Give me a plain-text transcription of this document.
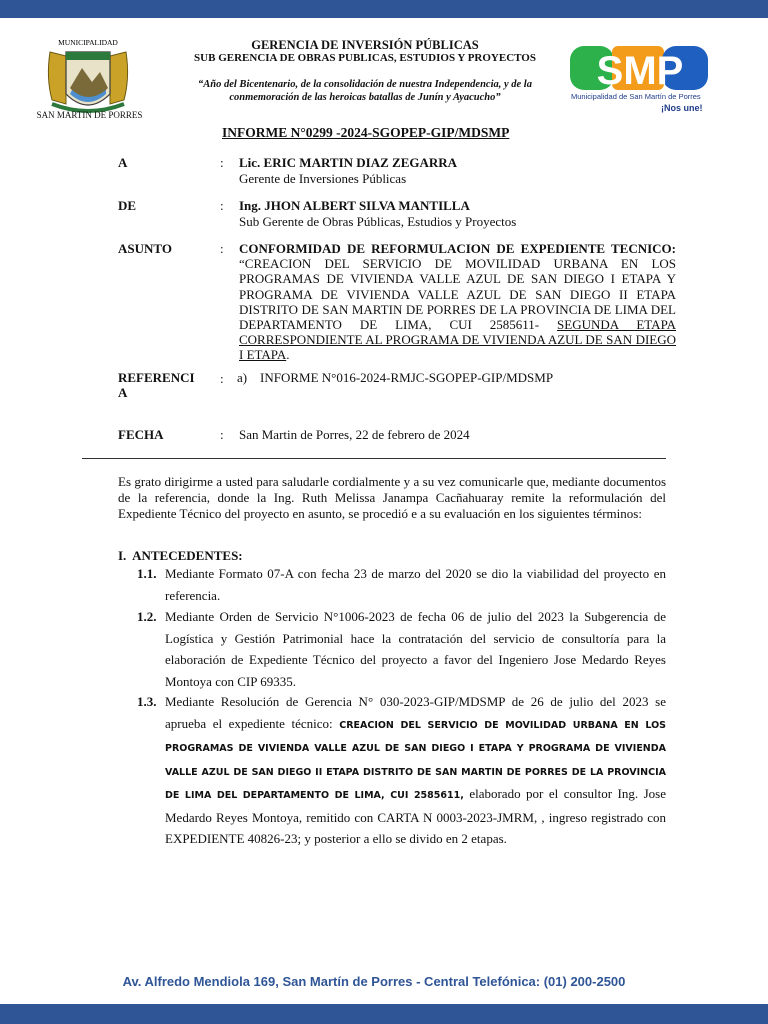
MUNICIPALIDAD
SAN MARTIN DE PORRES
GERENCIA DE INVERSIÓN PÚBLICAS
SUB GERENCIA DE OBRAS PUBLICAS, ESTUDIOS Y PROYECTOS
“Año del Bicentenario, de la consolidación de nuestra Independencia, y de la
conmemoración de las heroicas batallas de Junín y Ayacucho”
SMP
Municipalidad de San Martín de Porres
¡Nos une!
INFORME N°0299 -2024-SGOPEP-GIP/MDSMP
A	: Lic. ERIC MARTIN DIAZ ZEGARRA
Gerente de Inversiones Públicas
DE	: Ing. JHON ALBERT SILVA MANTILLA
Sub Gerente de Obras Públicas, Estudios y Proyectos
ASUNTO	: CONFORMIDAD DE REFORMULACION DE EXPEDIENTE TECNICO: “CREACION DEL SERVICIO DE MOVILIDAD URBANA EN LOS PROGRAMAS DE VIVIENDA VALLE AZUL DE SAN DIEGO I ETAPA Y PROGRAMA DE VIVIENDA VALLE AZUL DE SAN DIEGO II ETAPA DISTRITO DE SAN MARTIN DE PORRES DE LA PROVINCIA DE LIMA DEL DEPARTAMENTO DE LIMA, CUI 2585611- SEGUNDA ETAPA CORRESPONDIENTE AL PROGRAMA DE VIVIENDA AZUL DE SAN DIEGO I ETAPA.
REFERENCI
A
: a) INFORME N°016-2024-RMJC-SGOPEP-GIP/MDSMP
FECHA	: San Martin de Porres, 22 de febrero de 2024
Es grato dirigirme a usted para saludarle cordialmente y a su vez comunicarle que, mediante documentos de la referencia, donde la Ing. Ruth Melissa Janampa Cacñahuaray remite la reformulación del Expediente Técnico del proyecto en asunto, se procedió e a su evaluación en los siguientes términos:
I. ANTECEDENTES:
1.1. Mediante Formato 07-A con fecha 23 de marzo del 2020 se dio la viabilidad del proyecto en referencia.
1.2. Mediante Orden de Servicio N°1006-2023 de fecha 06 de julio del 2023 la Subgerencia de Logística y Gestión Patrimonial hace la contratación del servicio de consultoría para la elaboración de Expediente Técnico del proyecto a favor del Ingeniero Jose Medardo Reyes Montoya con CIP 69335.
1.3. Mediante Resolución de Gerencia N° 030-2023-GIP/MDSMP de 26 de julio del 2023 se aprueba el expediente técnico: CREACION DEL SERVICIO DE MOVILIDAD URBANA EN LOS PROGRAMAS DE VIVIENDA VALLE AZUL DE SAN DIEGO I ETAPA Y PROGRAMA DE VIVIENDA VALLE AZUL DE SAN DIEGO II ETAPA DISTRITO DE SAN MARTIN DE PORRES DE LA PROVINCIA DE LIMA DEL DEPARTAMENTO DE LIMA, CUI 2585611, elaborado por el consultor Ing. Jose Medardo Reyes Montoya, remitido con CARTA N 0003-2023-JMRM, , ingreso registrado con EXPEDIENTE 40826-23; y posterior a ello se divido en 2 etapas.
Av. Alfredo Mendiola 169, San Martín de Porres - Central Telefónica: (01) 200-2500
